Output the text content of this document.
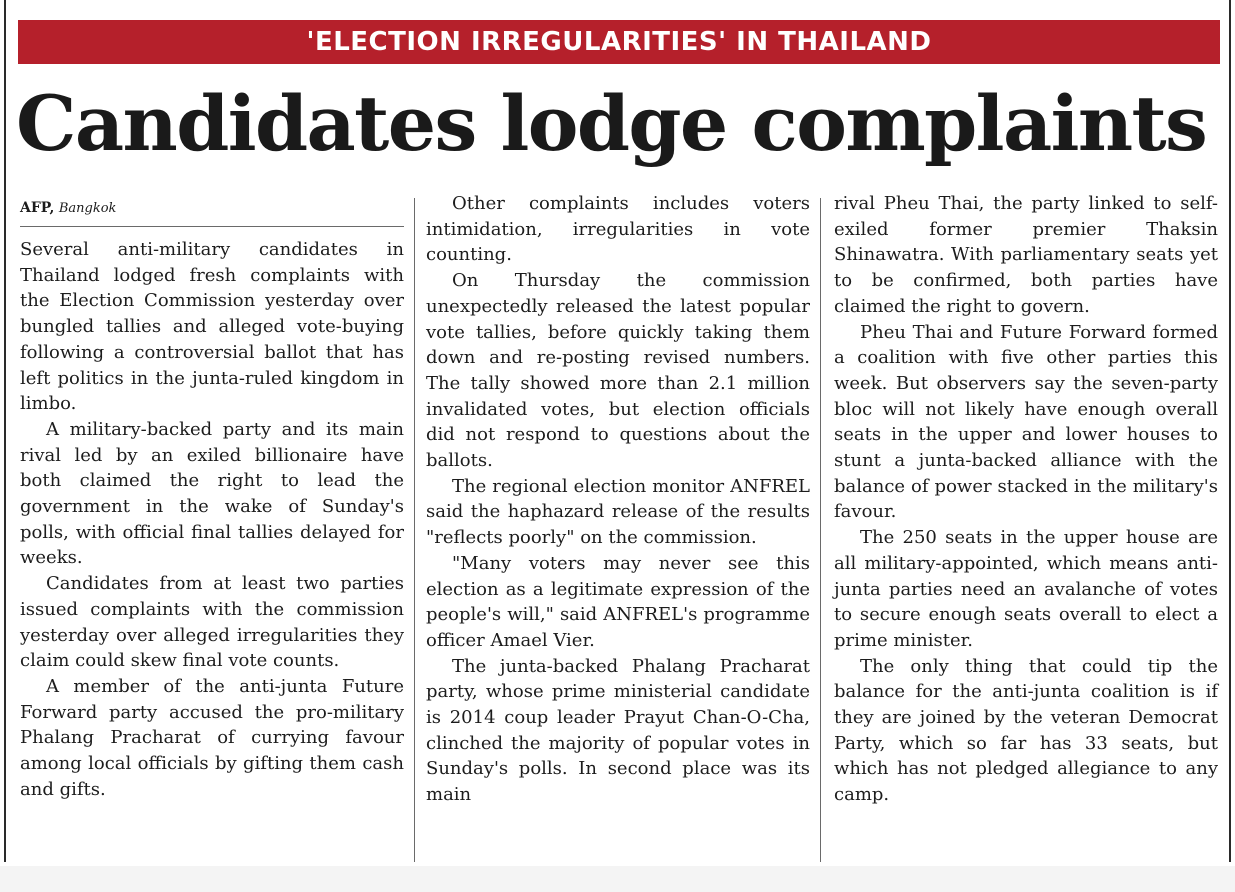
'ELECTION IRREGULARITIES' IN THAILAND
Candidates lodge complaints
AFP, Bangkok

Several anti-military candidates in Thailand lodged fresh complaints with the Election Commission yesterday over bungled tallies and alleged vote-buying following a controversial ballot that has left politics in the junta-ruled kingdom in limbo.

A military-backed party and its main rival led by an exiled billionaire have both claimed the right to lead the government in the wake of Sunday's polls, with official final tallies delayed for weeks.

Candidates from at least two parties issued complaints with the commission yesterday over alleged irregularities they claim could skew final vote counts.

A member of the anti-junta Future Forward party accused the pro-military Phalang Pracharat of currying favour among local officials by gifting them cash and gifts.

Other complaints includes voters intimidation, irregularities in vote counting.

On Thursday the commission unexpectedly released the latest popular vote tallies, before quickly taking them down and re-posting revised numbers. The tally showed more than 2.1 million invalidated votes, but election officials did not respond to questions about the ballots.

The regional election monitor ANFREL said the haphazard release of the results "reflects poorly" on the commission.

"Many voters may never see this election as a legitimate expression of the people's will," said ANFREL's programme officer Amael Vier.

The junta-backed Phalang Pracharat party, whose prime ministerial candidate is 2014 coup leader Prayut Chan-O-Cha, clinched the majority of popular votes in Sunday's polls. In second place was its main

rival Pheu Thai, the party linked to self-exiled former premier Thaksin Shinawatra. With parliamentary seats yet to be confirmed, both parties have claimed the right to govern.

Pheu Thai and Future Forward formed a coalition with five other parties this week. But observers say the seven-party bloc will not likely have enough overall seats in the upper and lower houses to stunt a junta-backed alliance with the balance of power stacked in the military's favour.

The 250 seats in the upper house are all military-appointed, which means anti-junta parties need an avalanche of votes to secure enough seats overall to elect a prime minister.

The only thing that could tip the balance for the anti-junta coalition is if they are joined by the veteran Democrat Party, which so far has 33 seats, but which has not pledged allegiance to any camp.
